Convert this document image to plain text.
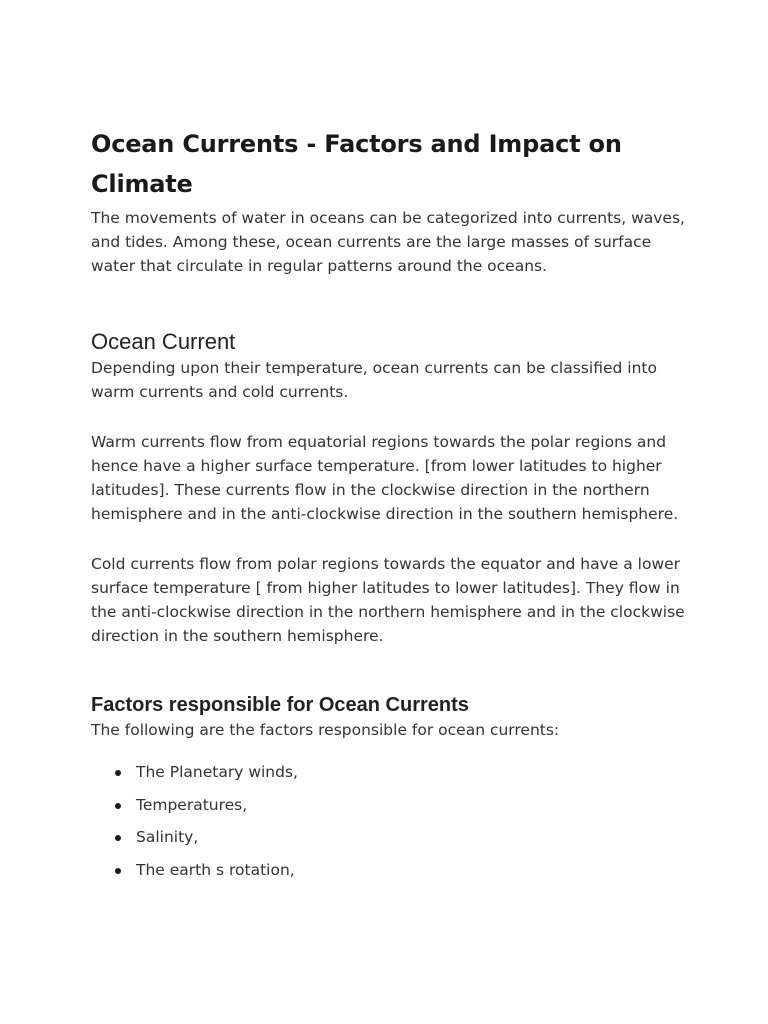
Ocean Currents - Factors and Impact on Climate

The movements of water in oceans can be categorized into currents, waves, and tides. Among these, ocean currents are the large masses of surface water that circulate in regular patterns around the oceans.

Ocean Current

Depending upon their temperature, ocean currents can be classified into warm currents and cold currents.

Warm currents flow from equatorial regions towards the polar regions and hence have a higher surface temperature. [from lower latitudes to higher latitudes]. These currents flow in the clockwise direction in the northern hemisphere and in the anti-clockwise direction in the southern hemisphere.

Cold currents flow from polar regions towards the equator and have a lower surface temperature [ from higher latitudes to lower latitudes]. They flow in the anti-clockwise direction in the northern hemisphere and in the clockwise direction in the southern hemisphere.

Factors responsible for Ocean Currents

The following are the factors responsible for ocean currents:

The Planetary winds,
Temperatures,
Salinity,
The earth s rotation,
